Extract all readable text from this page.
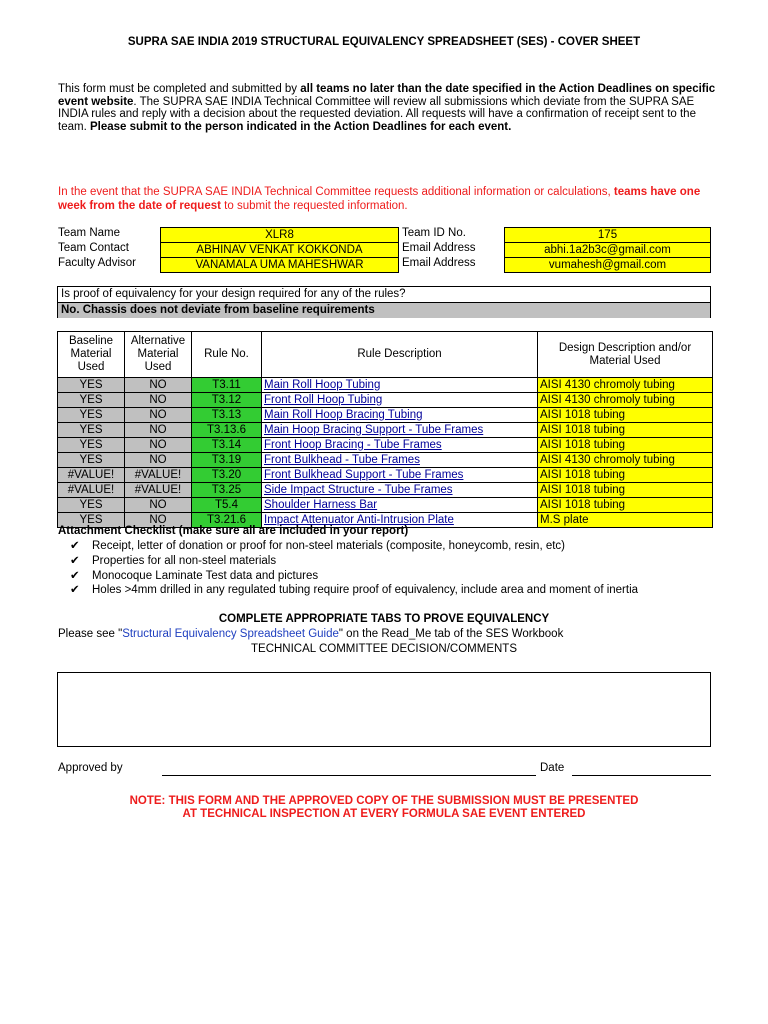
SUPRA SAE INDIA 2019 STRUCTURAL EQUIVALENCY SPREADSHEET (SES) - COVER SHEET
This form must be completed and submitted by all teams no later than the date specified in the Action Deadlines on specific event website. The SUPRA SAE INDIA Technical Committee will review all submissions which deviate from the SUPRA SAE INDIA rules and reply with a decision about the requested deviation. All requests will have a confirmation of receipt sent to the team. Please submit to the person indicated in the Action Deadlines for each event.
In the event that the SUPRA SAE INDIA Technical Committee requests additional information or calculations, teams have one week from the date of request to submit the requested information.
Team Name	XLR8	Team ID No.	175
Team Contact	ABHINAV VENKAT KOKKONDA	Email Address	abhi.1a2b3c@gmail.com
Faculty Advisor	VANAMALA UMA MAHESHWAR	Email Address	vumahesh@gmail.com
Is proof of equivalency for your design required for any of the rules?
No. Chassis does not deviate from baseline requirements
Baseline Material Used	Alternative Material Used	Rule No.	Rule Description	Design Description and/or Material Used
YES	NO	T3.11	Main Roll Hoop Tubing	AISI 4130 chromoly tubing
YES	NO	T3.12	Front Roll Hoop Tubing	AISI 4130 chromoly tubing
YES	NO	T3.13	Main Roll Hoop Bracing Tubing	AISI 1018 tubing
YES	NO	T3.13.6	Main Hoop Bracing Support - Tube Frames	AISI 1018 tubing
YES	NO	T3.14	Front Hoop Bracing - Tube Frames	AISI 1018 tubing
YES	NO	T3.19	Front Bulkhead - Tube Frames	AISI 4130 chromoly tubing
#VALUE!	#VALUE!	T3.20	Front Bulkhead Support - Tube Frames	AISI 1018 tubing
#VALUE!	#VALUE!	T3.25	Side Impact Structure - Tube Frames	AISI 1018 tubing
YES	NO	T5.4	Shoulder Harness Bar	AISI 1018 tubing
YES	NO	T3.21.6	Impact Attenuator Anti-Intrusion Plate	M.S plate
Attachment Checklist (make sure all are included in your report)
✔ Receipt, letter of donation or proof for non-steel materials (composite, honeycomb, resin, etc)
✔ Properties for all non-steel materials
✔ Monocoque Laminate Test data and pictures
✔ Holes >4mm drilled in any regulated tubing require proof of equivalency, include area and moment of inertia
COMPLETE APPROPRIATE TABS TO PROVE EQUIVALENCY
Please see "Structural Equivalency Spreadsheet Guide" on the Read_Me tab of the SES Workbook
TECHNICAL COMMITTEE DECISION/COMMENTS
Approved by	Date
NOTE: THIS FORM AND THE APPROVED COPY OF THE SUBMISSION MUST BE PRESENTED
AT TECHNICAL INSPECTION AT EVERY FORMULA SAE EVENT ENTERED
